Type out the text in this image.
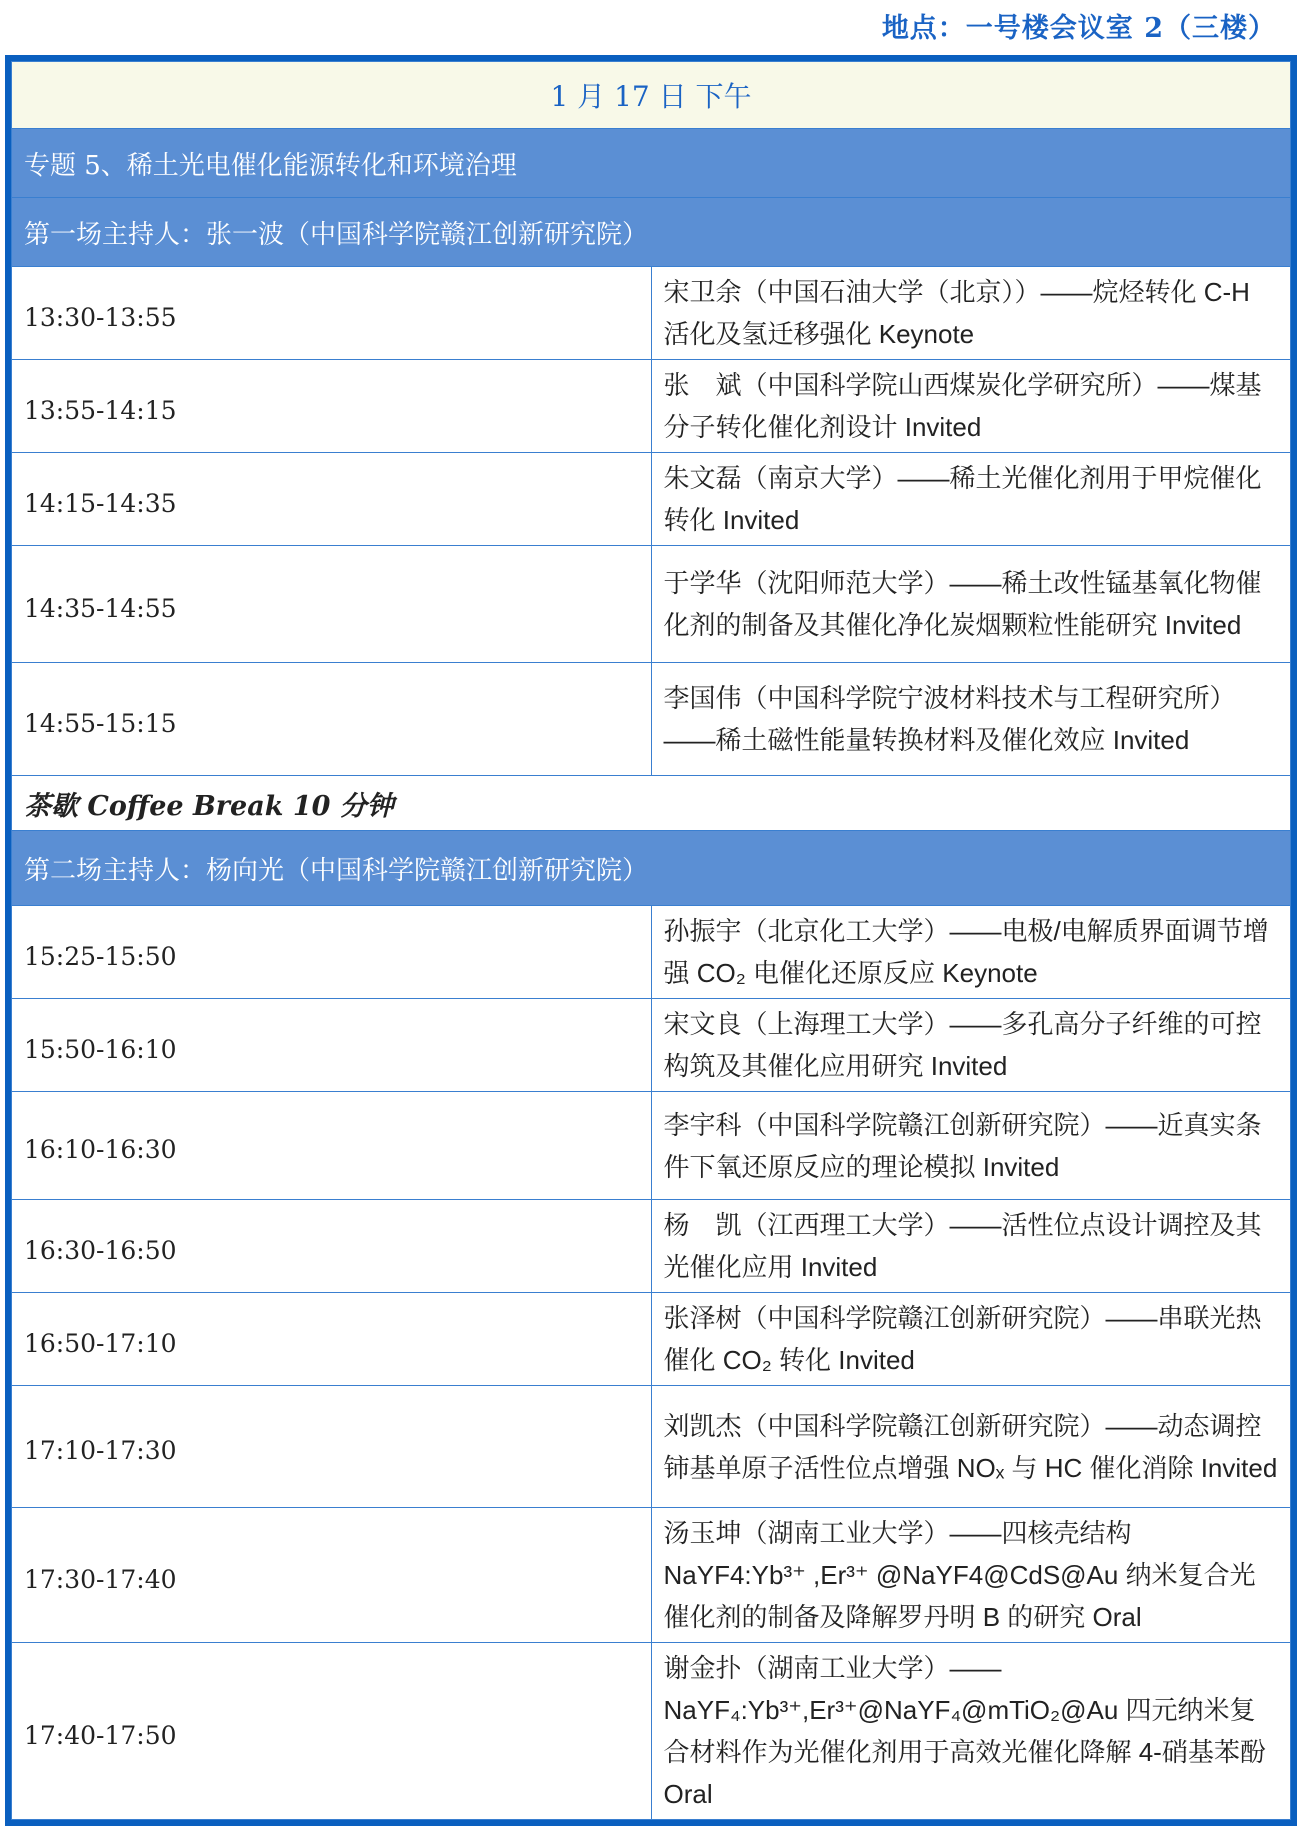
地点：一号楼会议室 2（三楼）
1 月 17 日 下午	
专题 5、稀土光电催化能源转化和环境治理	
第一场主持人：张一波（中国科学院赣江创新研究院）	
13:30-13:55	宋卫余（中国石油大学（北京））——烷烃转化 C-H 活化及氢迁移强化 Keynote
13:55-14:15	张　斌（中国科学院山西煤炭化学研究所）——煤基分子转化催化剂设计 Invited
14:15-14:35	朱文磊（南京大学）——稀土光催化剂用于甲烷催化转化 Invited
14:35-14:55	于学华（沈阳师范大学）——稀土改性锰基氧化物催化剂的制备及其催化净化炭烟颗粒性能研究 Invited
14:55-15:15	李国伟（中国科学院宁波材料技术与工程研究所）——稀土磁性能量转换材料及催化效应 Invited
茶歇 Coffee Break 10 分钟	
第二场主持人：杨向光（中国科学院赣江创新研究院）	
15:25-15:50	孙振宇（北京化工大学）——电极/电解质界面调节增强 CO₂ 电催化还原反应 Keynote
15:50-16:10	宋文良（上海理工大学）——多孔高分子纤维的可控构筑及其催化应用研究 Invited
16:10-16:30	李宇科（中国科学院赣江创新研究院）——近真实条件下氧还原反应的理论模拟 Invited
16:30-16:50	杨　凯（江西理工大学）——活性位点设计调控及其光催化应用 Invited
16:50-17:10	张泽树（中国科学院赣江创新研究院）——串联光热催化 CO₂ 转化 Invited
17:10-17:30	刘凯杰（中国科学院赣江创新研究院）——动态调控铈基单原子活性位点增强 NOₓ 与 HC 催化消除 Invited
17:30-17:40	汤玉坤（湖南工业大学）——四核壳结构 NaYF4:Yb³⁺ ,Er³⁺ @NaYF4@CdS@Au 纳米复合光催化剂的制备及降解罗丹明 B 的研究 Oral
17:40-17:50	谢金扑（湖南工业大学）——NaYF₄:Yb³⁺,Er³⁺@NaYF₄@mTiO₂@Au 四元纳米复合材料作为光催化剂用于高效光催化降解 4-硝基苯酚 Oral
